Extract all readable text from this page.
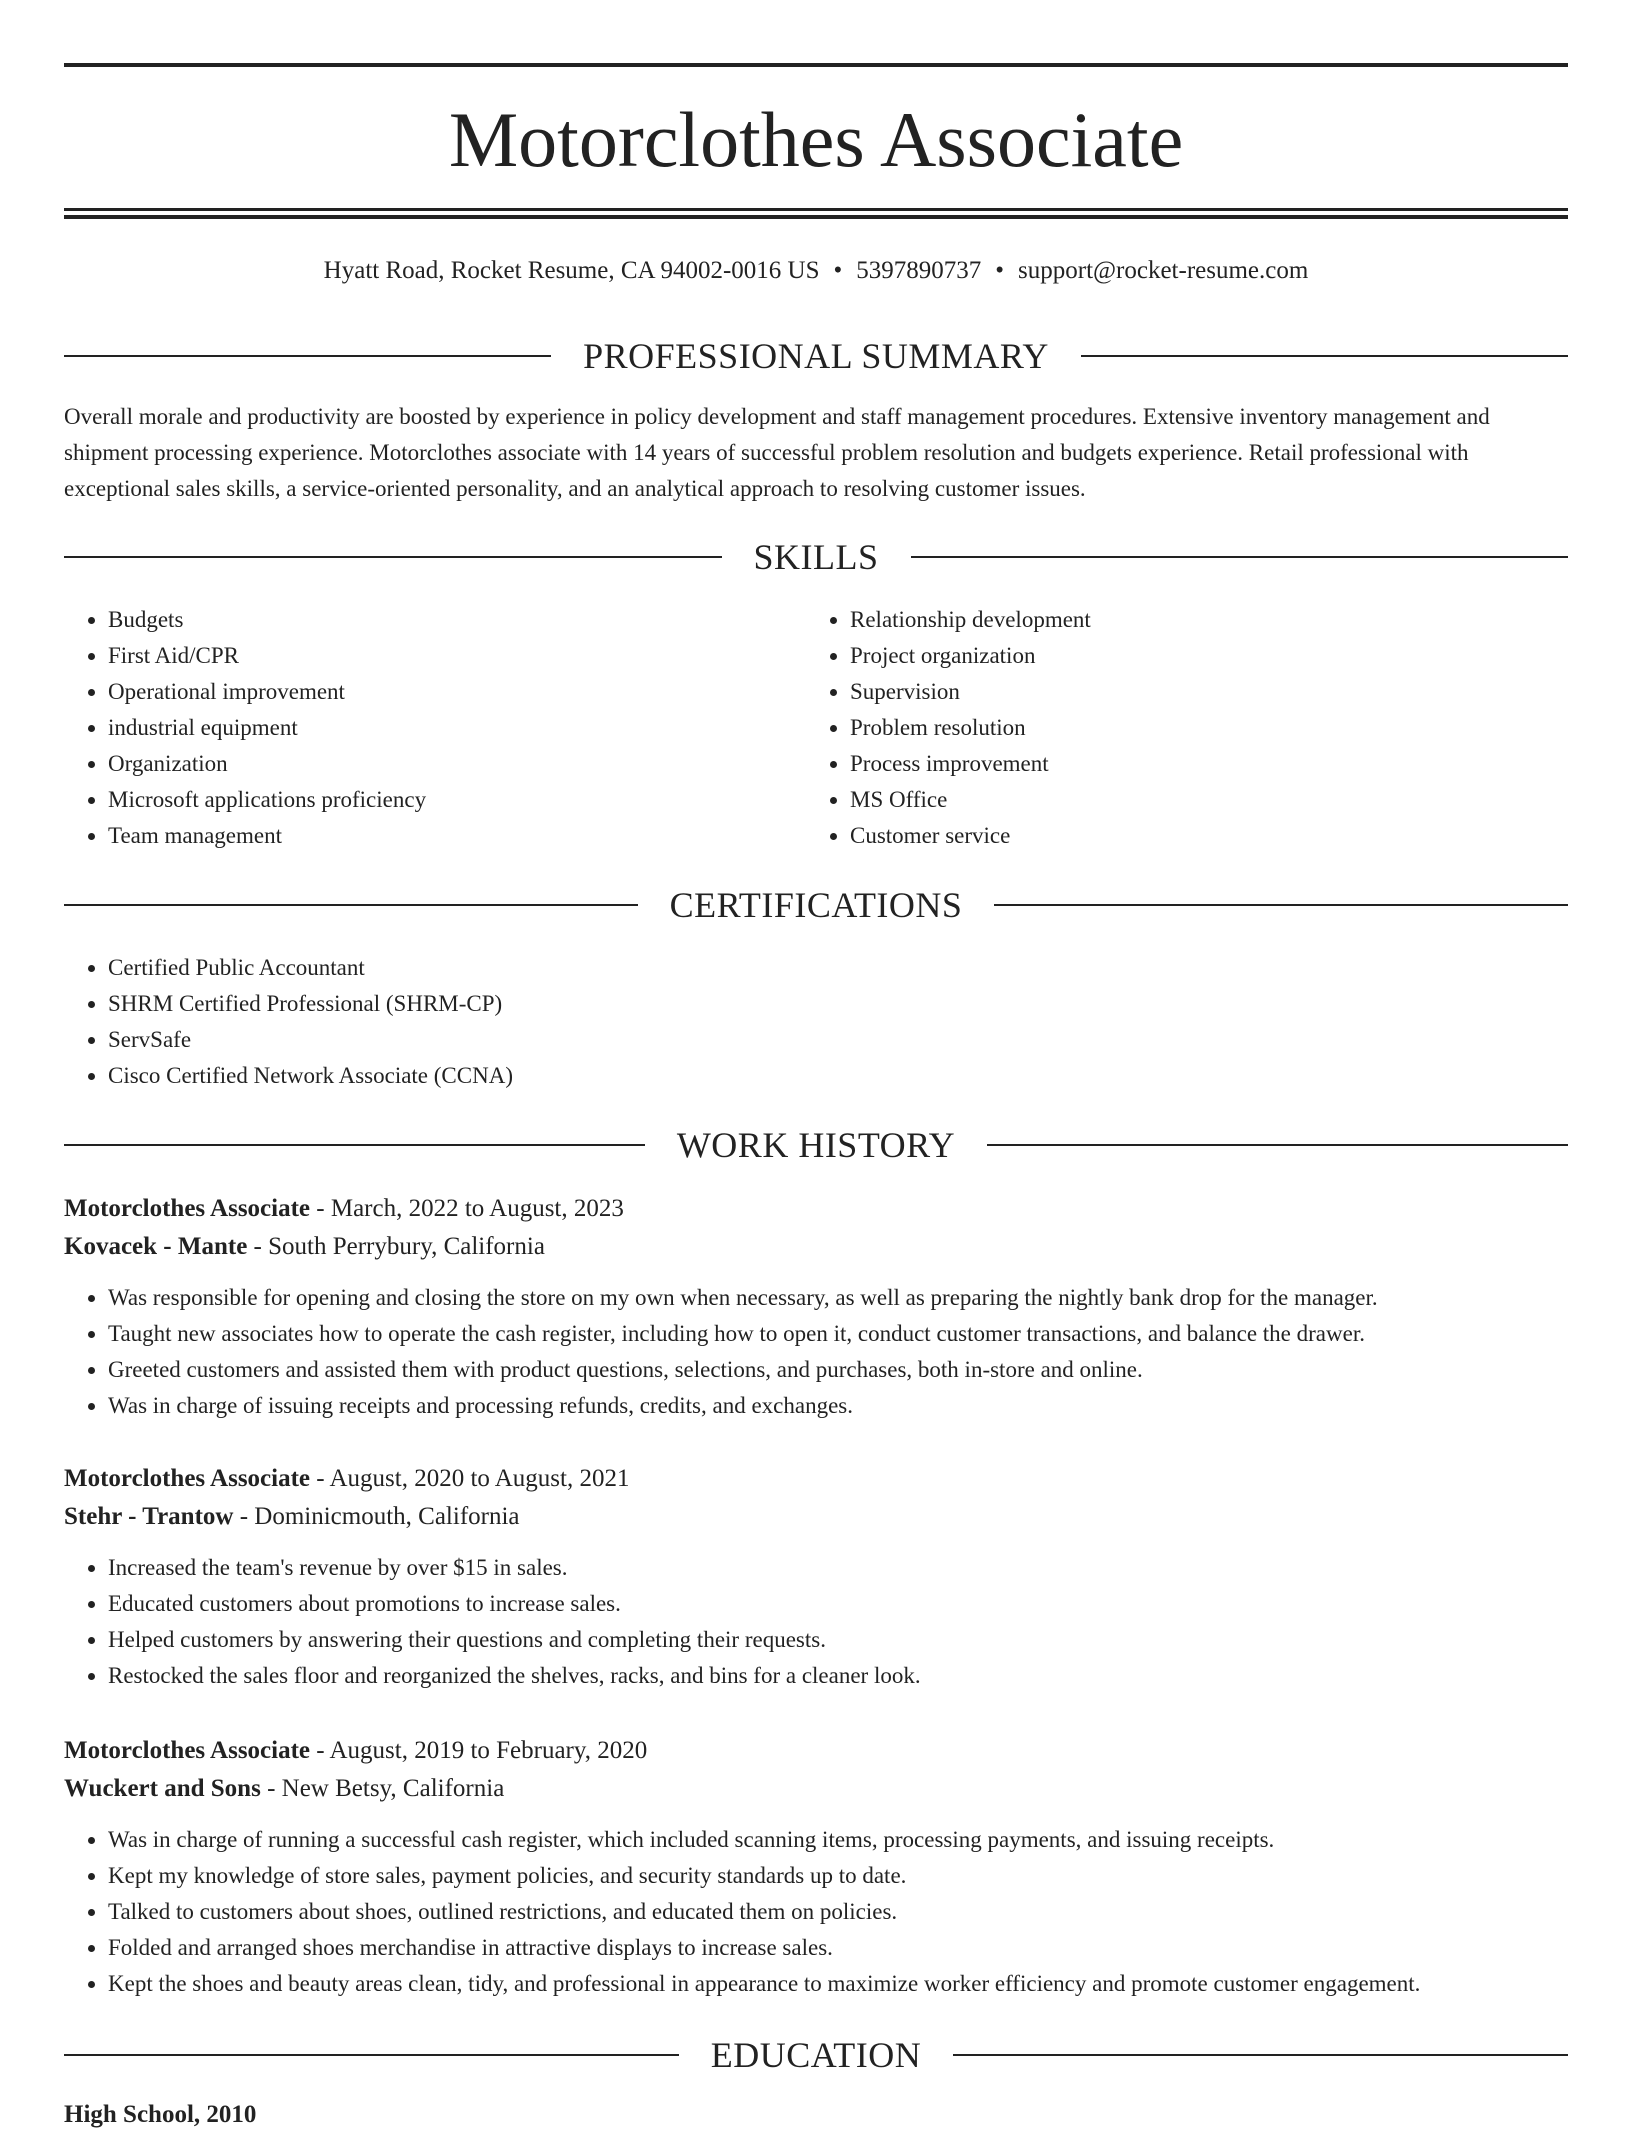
Motorclothes Associate
Hyatt Road, Rocket Resume, CA 94002-0016 US • 5397890737 • support@rocket-resume.com
PROFESSIONAL SUMMARY

Overall morale and productivity are boosted by experience in policy development and staff management procedures. Extensive inventory management and shipment processing experience. Motorclothes associate with 14 years of successful problem resolution and budgets experience. Retail professional with exceptional sales skills, a service-oriented personality, and an analytical approach to resolving customer issues.

SKILLS
• Budgets
• First Aid/CPR
• Operational improvement
• industrial equipment
• Organization
• Microsoft applications proficiency
• Team management
• Relationship development
• Project organization
• Supervision
• Problem resolution
• Process improvement
• MS Office
• Customer service
CERTIFICATIONS
• Certified Public Accountant
• SHRM Certified Professional (SHRM-CP)
• ServSafe
• Cisco Certified Network Associate (CCNA)
WORK HISTORY
Motorclothes Associate - March, 2022 to August, 2023
Kovacek - Mante - South Perrybury, California
• Was responsible for opening and closing the store on my own when necessary, as well as preparing the nightly bank drop for the manager.
• Taught new associates how to operate the cash register, including how to open it, conduct customer transactions, and balance the drawer.
• Greeted customers and assisted them with product questions, selections, and purchases, both in-store and online.
• Was in charge of issuing receipts and processing refunds, credits, and exchanges.
Motorclothes Associate - August, 2020 to August, 2021
Stehr - Trantow - Dominicmouth, California
• Increased the team's revenue by over $15 in sales.
• Educated customers about promotions to increase sales.
• Helped customers by answering their questions and completing their requests.
• Restocked the sales floor and reorganized the shelves, racks, and bins for a cleaner look.
Motorclothes Associate - August, 2019 to February, 2020
Wuckert and Sons - New Betsy, California
• Was in charge of running a successful cash register, which included scanning items, processing payments, and issuing receipts.
• Kept my knowledge of store sales, payment policies, and security standards up to date.
• Talked to customers about shoes, outlined restrictions, and educated them on policies.
• Folded and arranged shoes merchandise in attractive displays to increase sales.
• Kept the shoes and beauty areas clean, tidy, and professional in appearance to maximize worker efficiency and promote customer engagement.
EDUCATION
High School, 2010
